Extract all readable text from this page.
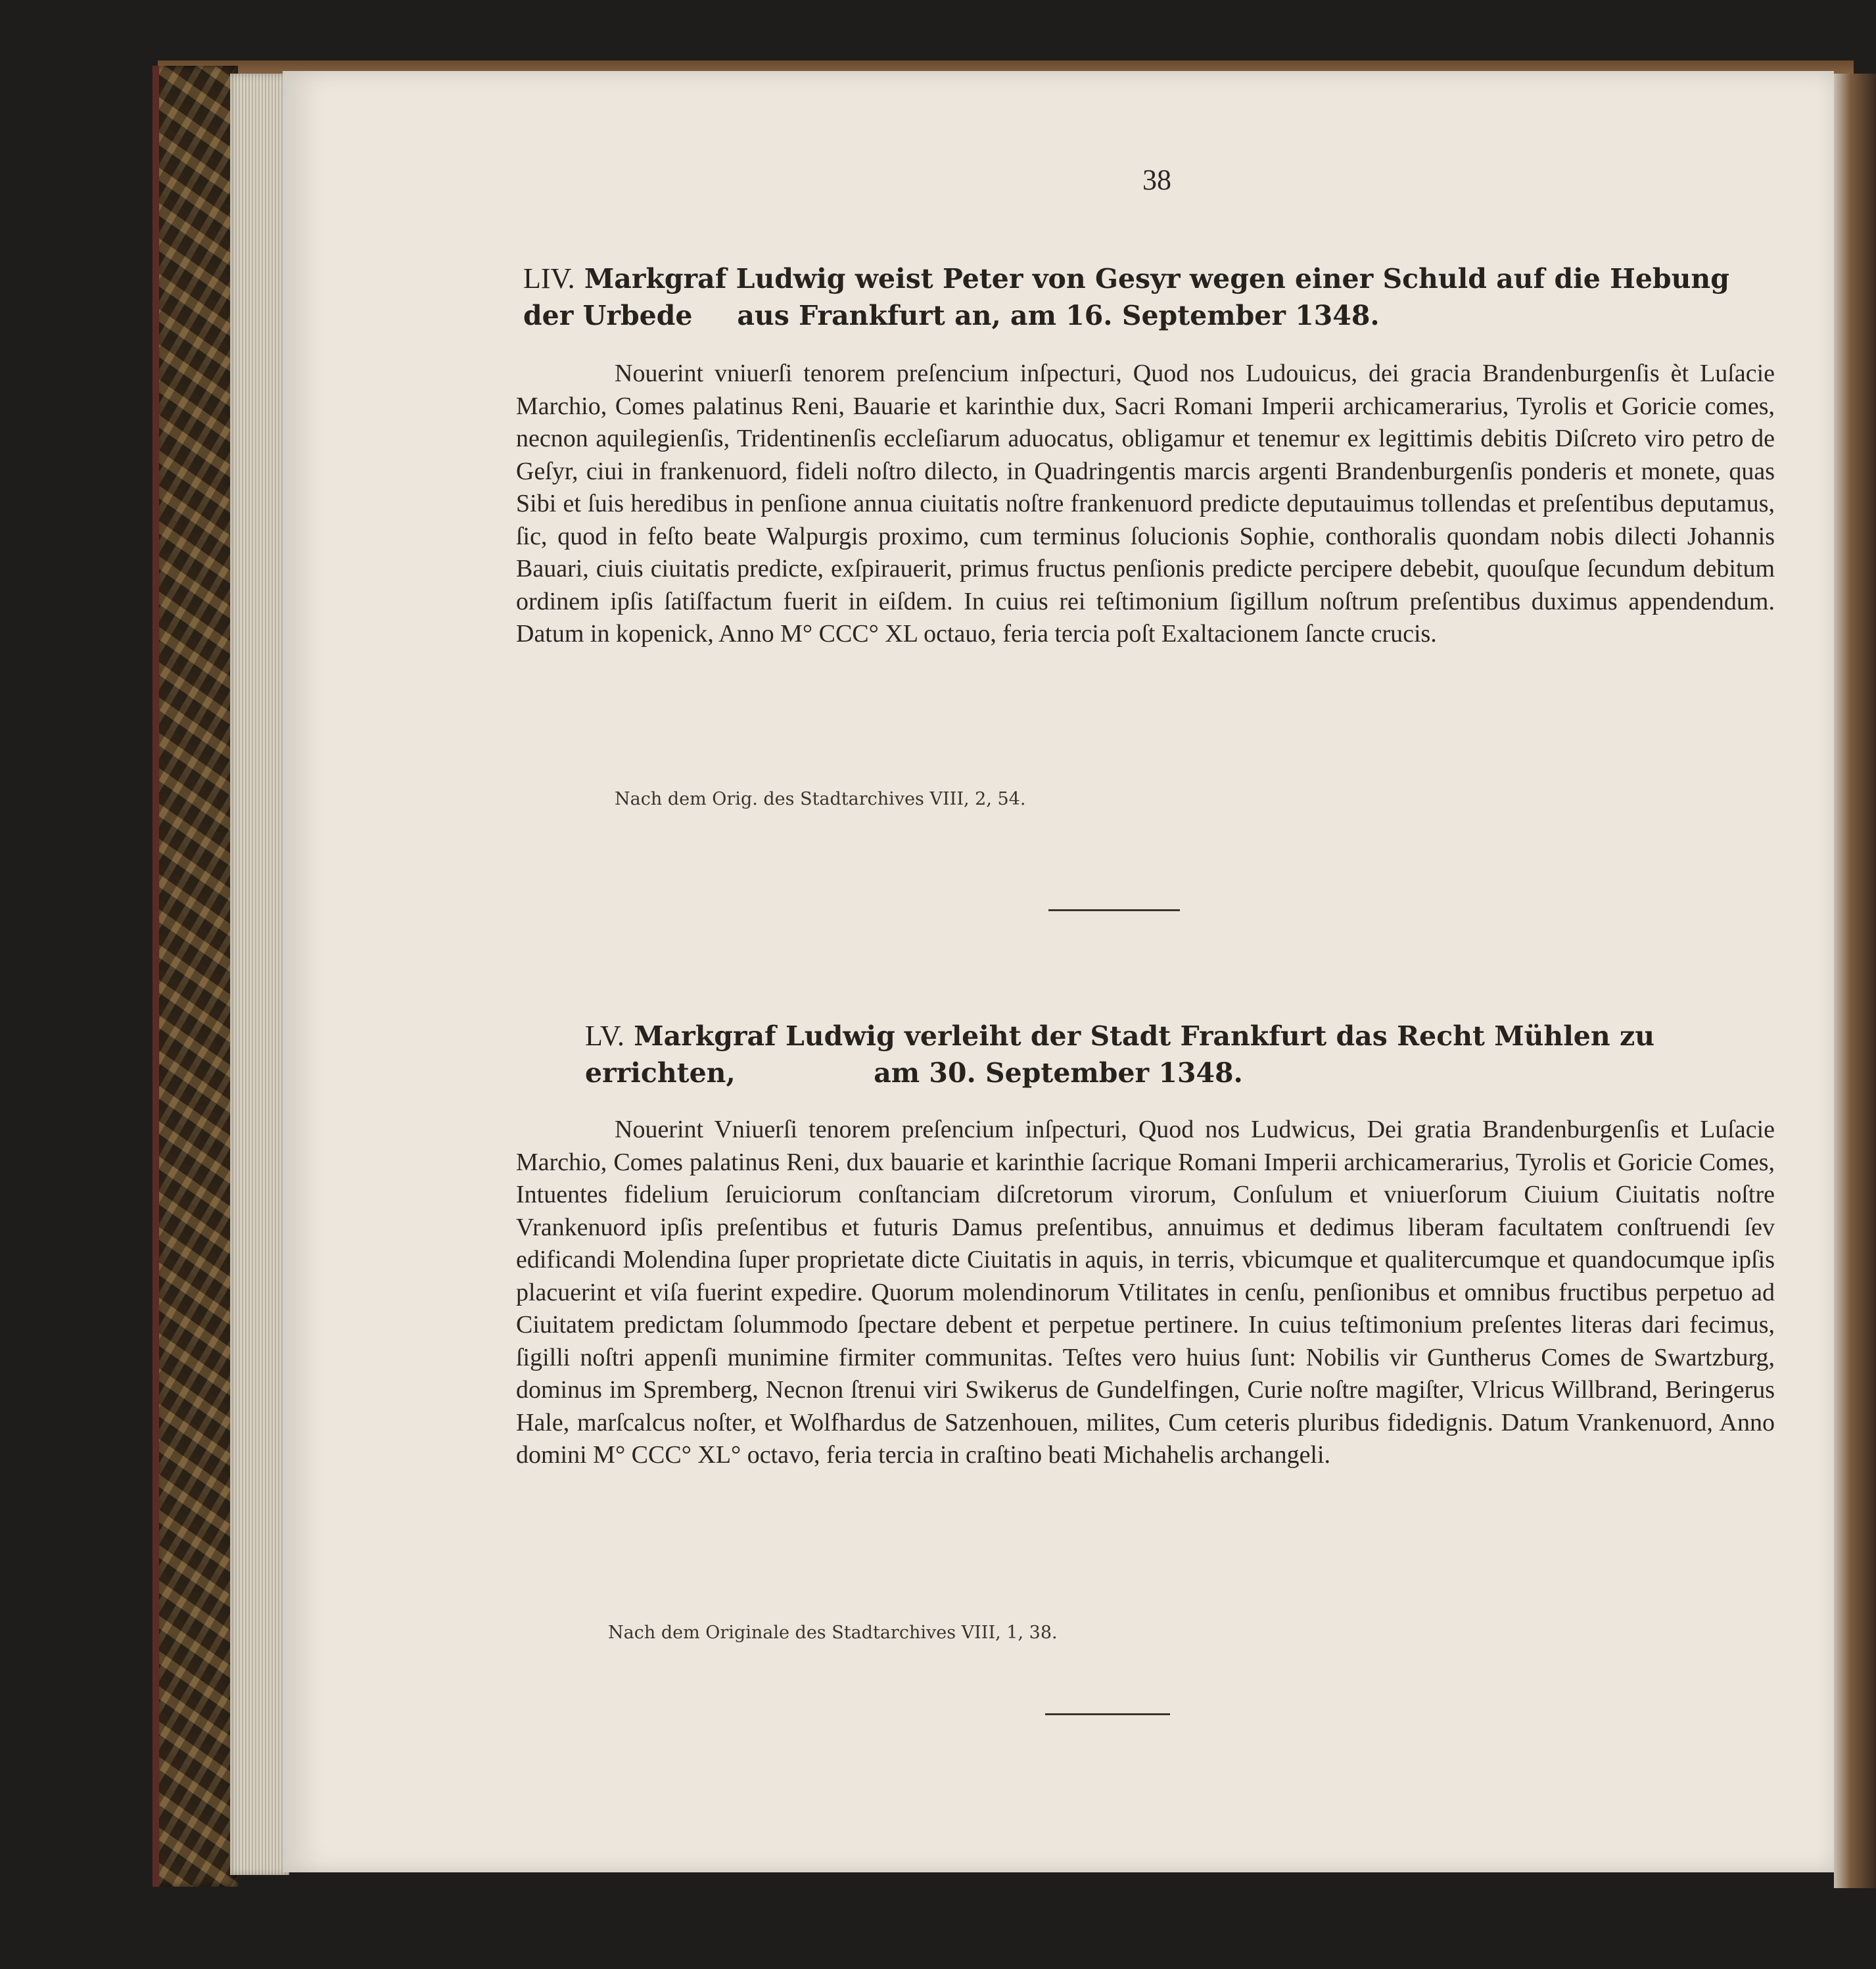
38
LIV. Markgraf Ludwig weist Peter von Gesyr wegen einer Schuld auf die Hebung der Urbede	aus Frankfurt an, am 16. September 1348.

Nouerint vniuerſi tenorem preſencium inſpecturi, Quod nos Ludouicus, dei gracia Brandenburgenſis èt Luſacie Marchio, Comes palatinus Reni, Bauarie et karinthie dux, Sacri Romani Imperii archicamerarius, Tyrolis et Goricie comes, necnon aquilegienſis, Tridentinenſis eccleſiarum aduocatus, obligamur et tenemur ex legittimis debitis Diſcreto viro petro de Geſyr, ciui in frankenuord, fideli noſtro dilecto, in Quadringentis marcis argenti Brandenburgenſis ponderis et monete, quas Sibi et ſuis heredibus in penſione annua ciuitatis noſtre frankenuord predicte deputauimus tollendas et preſentibus deputamus, ſic, quod in feſto beate Walpurgis proximo, cum terminus ſolucionis Sophie, conthoralis quondam nobis dilecti Johannis Bauari, ciuis ciuitatis predicte, exſpirauerit, primus fructus penſionis predicte percipere debebit, quouſque ſecundum debitum ordinem ipſis ſatiſfactum fuerit in eiſdem. In cuius rei teſtimonium ſigillum noſtrum preſentibus duximus appendendum. Datum in kopenick, Anno M° CCC° XL octauo, feria tercia poſt Exaltacionem ſancte crucis.

Nach dem Orig. des Stadtarchives VIII, 2, 54.
LV. Markgraf Ludwig verleiht der Stadt Frankfurt das Recht Mühlen zu errichten,	am 30. September 1348.

Nouerint Vniuerſi tenorem preſencium inſpecturi, Quod nos Ludwicus, Dei gratia Brandenburgenſis et Luſacie Marchio, Comes palatinus Reni, dux bauarie et karinthie ſacrique Romani Imperii archicamerarius, Tyrolis et Goricie Comes, Intuentes fidelium ſeruiciorum conſtanciam diſcretorum virorum, Conſulum et vniuerſorum Ciuium Ciuitatis noſtre Vrankenuord ipſis preſentibus et futuris Damus preſentibus, annuimus et dedimus liberam facultatem conſtruendi ſev edificandi Molendina ſuper proprietate dicte Ciuitatis in aquis, in terris, vbicumque et qualitercumque et quandocumque ipſis placuerint et viſa fuerint expedire. Quorum molendinorum Vtilitates in cenſu, penſionibus et omnibus fructibus perpetuo ad Ciuitatem predictam ſolummodo ſpectare debent et perpetue pertinere. In cuius teſtimonium preſentes literas dari fecimus, ſigilli noſtri appenſi munimine firmiter communitas. Teſtes vero huius ſunt: Nobilis vir Guntherus Comes de Swartzburg, dominus im Spremberg, Necnon ſtrenui viri Swikerus de Gundelfingen, Curie noſtre magiſter, Vlricus Willbrand, Beringerus Hale, marſcalcus noſter, et Wolfhardus de Satzenhouen, milites, Cum ceteris pluribus fidedignis. Datum Vrankenuord, Anno domini M° CCC° XL° octavo, feria tercia in craſtino beati Michahelis archangeli.

Nach dem Originale des Stadtarchives VIII, 1, 38.
